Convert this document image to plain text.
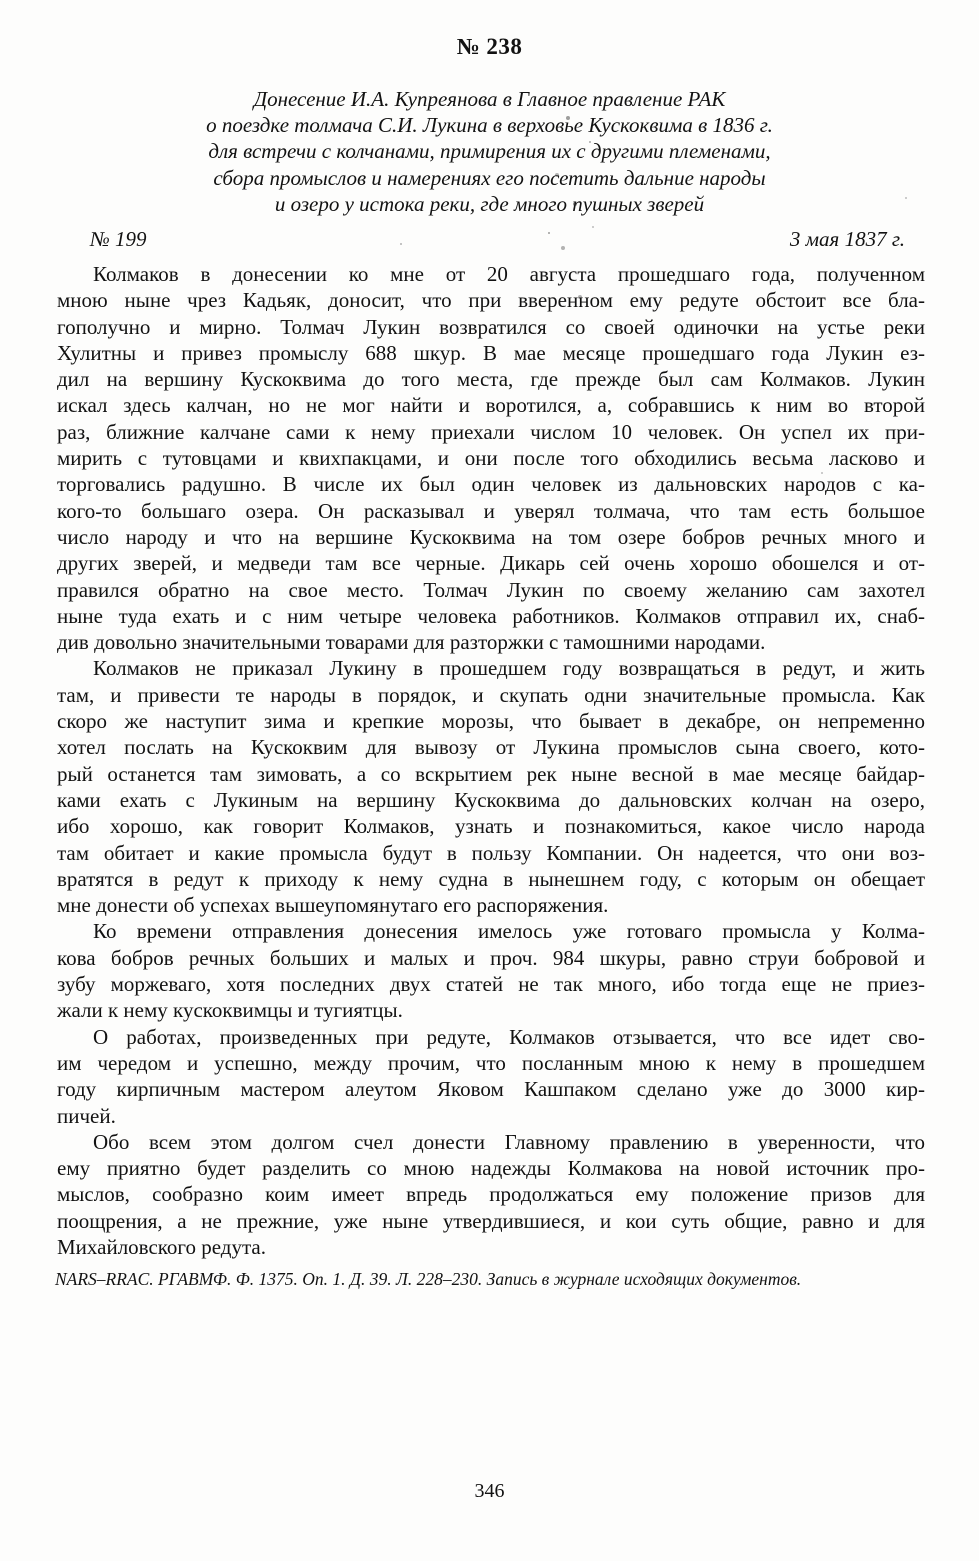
№ 238
Донесение И.А. Купреянова в Главное правление РАК
о поездке толмача С.И. Лукина в верховье Кускоквима в 1836 г.
для встречи с колчанами, примирения их с другими племенами,
сбора промыслов и намерениях его посетить дальние народы
и озеро у истока реки, где много пушных зверей
№ 199	3 мая 1837 г.
Колмаков в донесении ко мне от 20 августа прошедшаго года, полученном
мною ныне чрез Кадьяк, доносит, что при вверенном ему редуте обстоит все бла-
гополучно и мирно. Толмач Лукин возвратился со своей одиночки на устье реки
Хулитны и привез промыслу 688 шкур. В мае месяце прошедшаго года Лукин ез-
дил на вершину Кускоквима до того места, где прежде был сам Колмаков. Лукин
искал здесь калчан, но не мог найти и воротился, а, собравшись к ним во второй
раз, ближние калчане сами к нему приехали числом 10 человек. Он успел их при-
мирить с тутовцами и квихпакцами, и они после того обходились весьма ласково и
торговались радушно. В числе их был один человек из дальновских народов с ка-
кого-то большаго озера. Он расказывал и уверял толмача, что там есть большое
число народу и что на вершине Кускоквима на том озере бобров речных много и
других зверей, и медведи там все черные. Дикарь сей очень хорошо обошелся и от-
правился обратно на свое место. Толмач Лукин по своему желанию сам захотел
ныне туда ехать и с ним четыре человека работников. Колмаков отправил их, снаб-
див довольно значительными товарами для разторжки с тамошними народами.
Колмаков не приказал Лукину в прошедшем году возвращаться в редут, и жить
там, и привести те народы в порядок, и скупать одни значительные промысла. Как
скоро же наступит зима и крепкие морозы, что бывает в декабре, он непременно
хотел послать на Кускоквим для вывозу от Лукина промыслов сына своего, кото-
рый останется там зимовать, а со вскрытием рек ныне весной в мае месяце байдар-
ками ехать с Лукиным на вершину Кускоквима до дальновских колчан на озеро,
ибо хорошо, как говорит Колмаков, узнать и познакомиться, какое число народа
там обитает и какие промысла будут в пользу Компании. Он надеется, что они воз-
вратятся в редут к приходу к нему судна в нынешнем году, с которым он обещает
мне донести об успехах вышеупомянутаго его распоряжения.
Ко времени отправления донесения имелось уже готоваго промысла у Колма-
кова бобров речных больших и малых и проч. 984 шкуры, равно струи бобровой и
зубу моржеваго, хотя последних двух статей не так много, ибо тогда еще не приез-
жали к нему кускоквимцы и тугиятцы.
О работах, произведенных при редуте, Колмаков отзывается, что все идет сво-
им чередом и успешно, между прочим, что посланным мною к нему в прошедшем
году кирпичным мастером алеутом Яковом Кашпаком сделано уже до 3000 кир-
пичей.
Обо всем этом долгом счел донести Главному правлению в уверенности, что
ему приятно будет разделить со мною надежды Колмакова на новой источник про-
мыслов, сообразно коим имеет впредь продолжаться ему положение призов для
поощрения, а не прежние, уже ныне утвердившиеся, и кои суть общие, равно и для
Михайловского редута.
NARS–RRAC. РГАВМФ. Ф. 1375. Оп. 1. Д. 39. Л. 228–230. Запись в журнале исходящих документов.
346
